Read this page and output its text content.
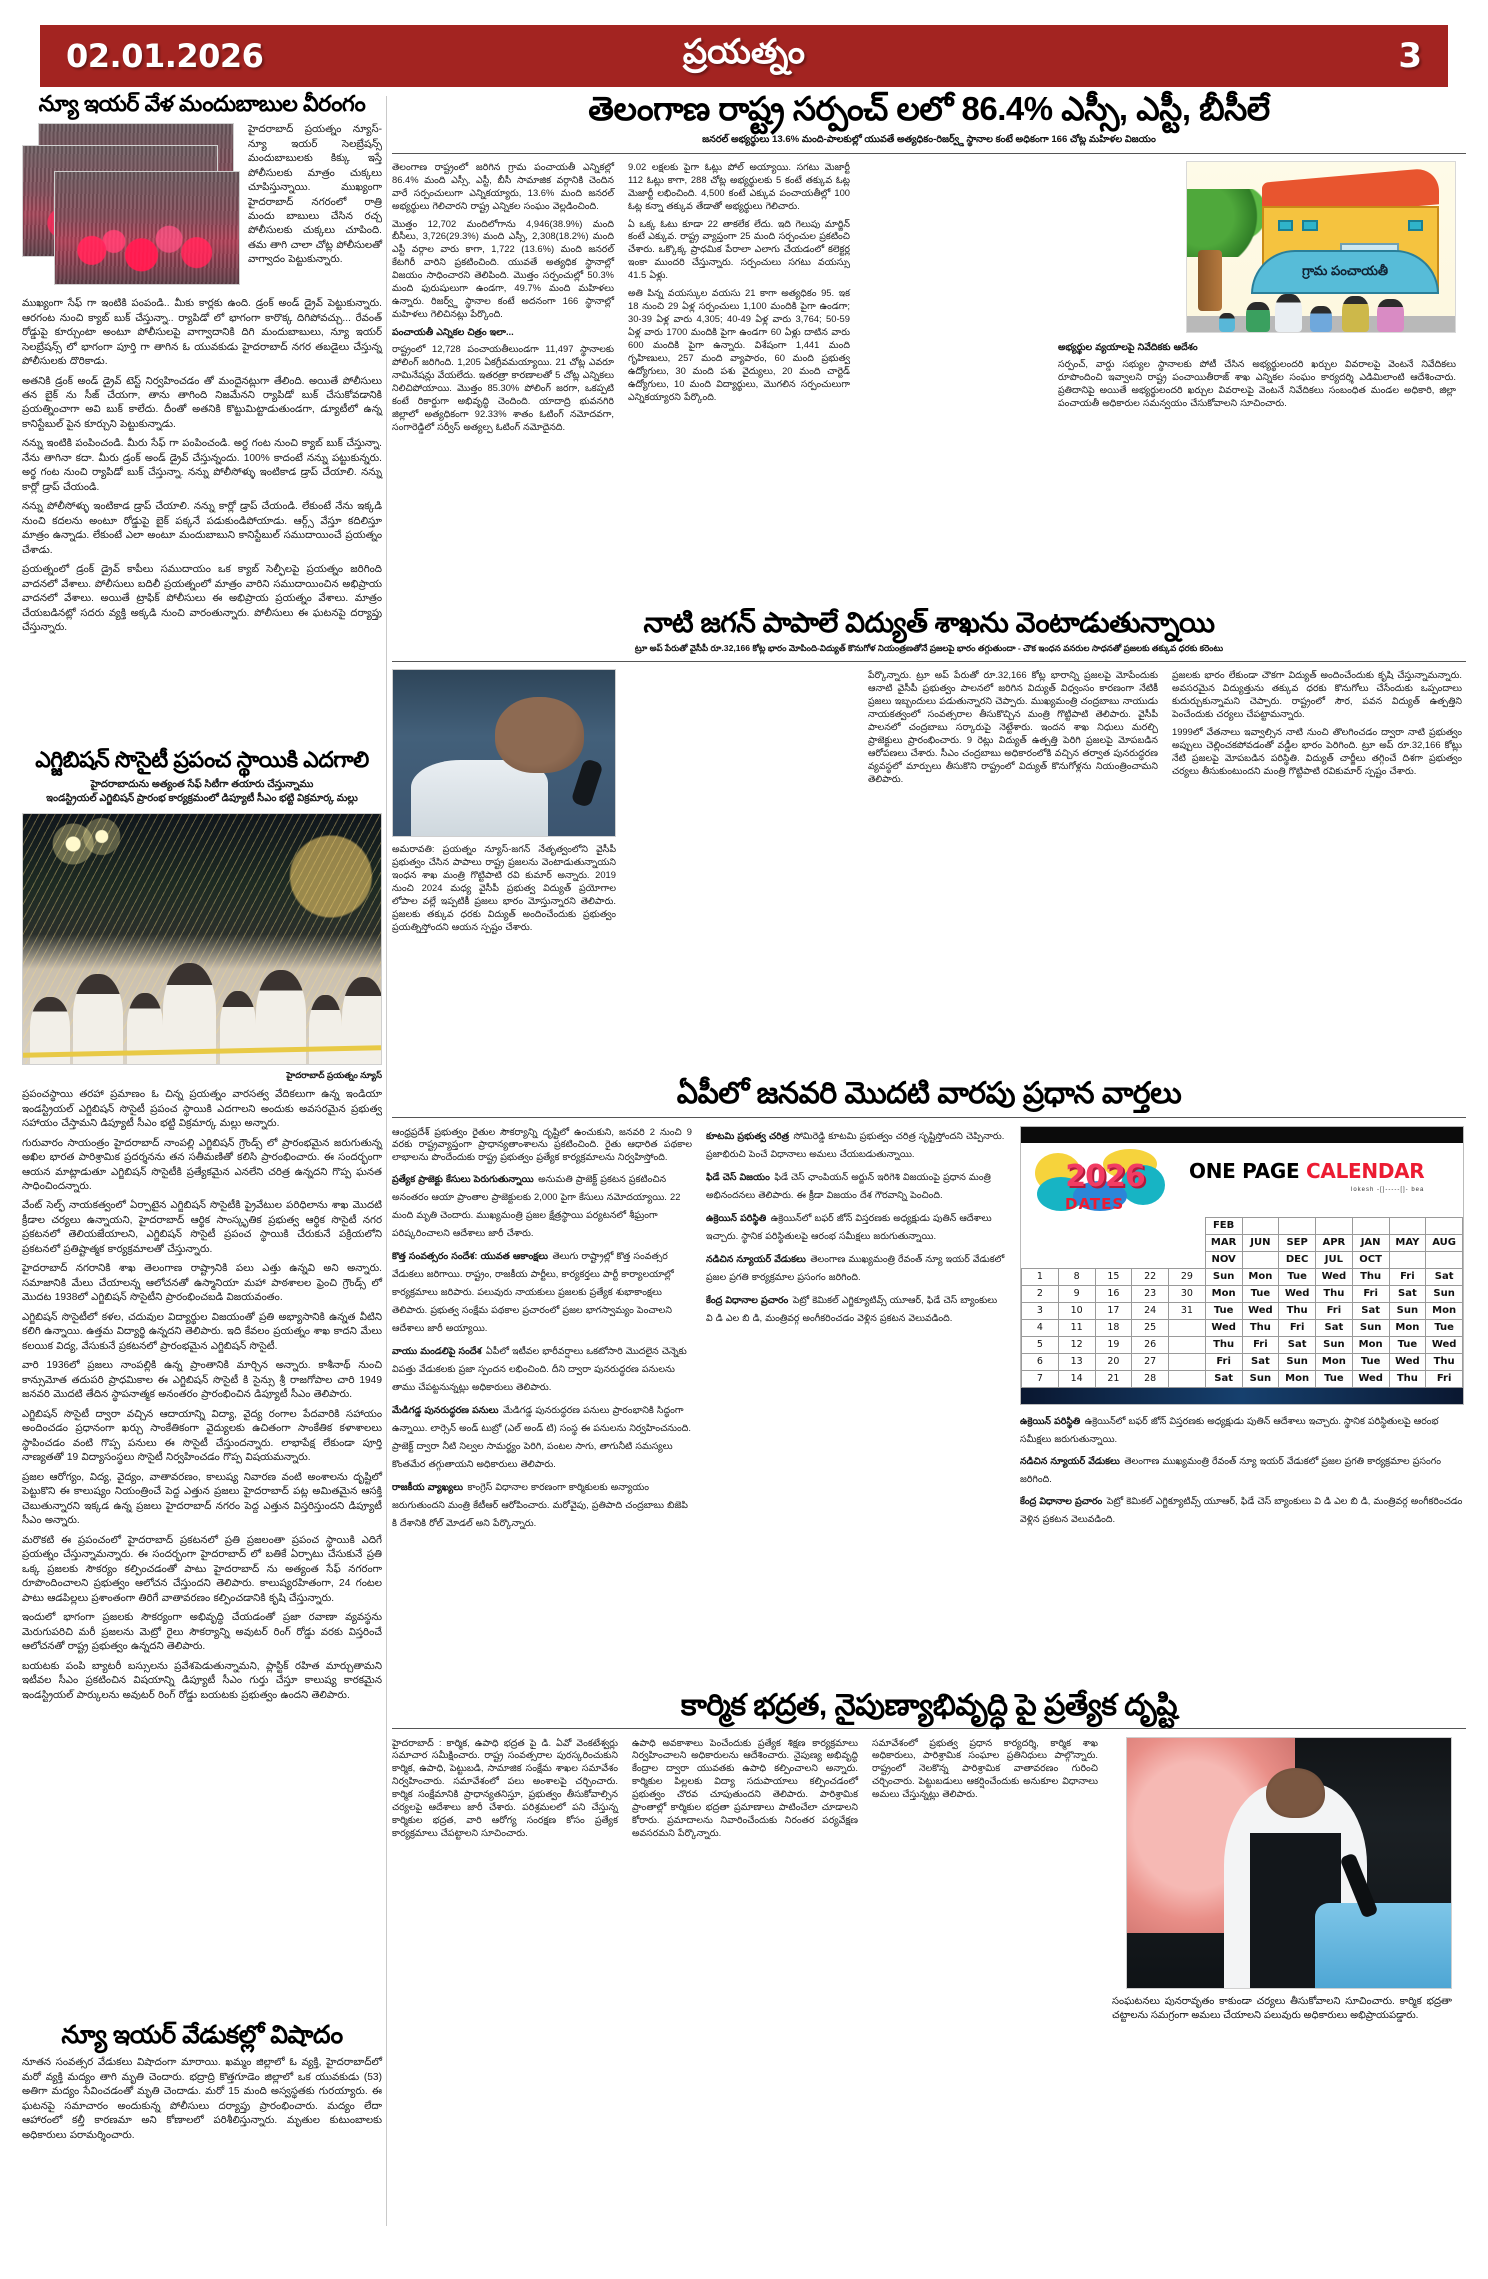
02.01.2026	ప్రయత్నం	3
న్యూ ఇయర్ వేళ మందుబాబుల వీరంగం
హైదరాబాద్ ప్రయత్నం న్యూస్-న్యూ ఇయర్ సెలబ్రేషన్స్ మందుబాబులకు కిక్కు ఇస్తే పోలీసులకు మాత్రం చుక్కలు చూపిస్తున్నాయి. ముఖ్యంగా హైదరాబాద్ నగరంలో రాత్రి మందు బాబులు చేసిన రచ్చ పోలీసులకు చుక్కలు చూపింది. తమ తాగి చాలా చోట్ల పోలీసులతో వాగ్వాదం పెట్టుకున్నారు.
ముఖ్యంగా సేఫ్ గా ఇంటికి పంపండి.. మీకు కార్లకు ఉంది. డ్రంక్ అండ్ డ్రైవ్ పెట్టుకున్నారు. ఆరగంట నుంచి క్యాబ్ బుక్ చేస్తున్నా.. ర్యాపిడో లో భాగంగా కారొక్క దిగిపోవచ్చు... రేవంత్ రోడ్డుపై కూర్చుంటా అంటూ పోలీసులపై వాగ్వాదానికి దిగి మందుబాబులు, న్యూ ఇయర్ సెలబ్రేషన్స్ లో భాగంగా పూర్తి గా తాగిన ఓ యువకుడు హైదరాబాద్ నగర తబడైలు చేస్తున్న పోలీసులకు దొరికాడు.
అతనికి డ్రంక్ అండ్ డ్రైవ్ టెస్ట్ నిర్వహించడం తో మందైనట్లుగా తేలింది. అయితే పోలీసులు తన బైక్ ను సీజ్ చేయగా, తాను తాగింది నిజమేనని ర్యాపిడో బుక్ చేసుకోవడానికి ప్రయత్నించాగా అవి బుక్ కాలేదు. దీంతో అతనికి కొట్టుమిట్టాడుతుండగా, డ్యూటీలో ఉన్న కానిస్టేబుల్ పైన కూర్చుని పెట్టుకున్నాడు.
నన్ను ఇంటికి పంపించండి. మీరు సేఫ్ గా పంపించండి. అర్ధ గంట నుంచి క్యాబ్ బుక్ చేస్తున్నా. నేను తాగినా కదా. మీరు డ్రంక్ అండ్ డ్రైవ్ చేస్తున్నందు. 100% కాదంటే నన్ను పట్టుకున్నరు. అర్థ గంట నుంచి ర్యాపిడో బుక్ చేస్తున్నా. నన్ను పోలీసోళ్ళు ఇంటికాడ డ్రాప్ చేయాలి. నన్ను కార్లో డ్రాప్ చేయండి.
నన్ను పోలీసోళ్ళు ఇంటికాడ డ్రాప్ చేయాలి. నన్ను కార్లో డ్రాప్ చేయండి. లేకుంటే నేను ఇక్కడి నుంచి కదలను అంటూ రోడ్డుపై బైక్ పక్కనే పడుకుండిపోయాడు. ఆర్గ్స్ వేస్తూ కదిలిస్తూ మాత్రం ఉన్నాడు. లేకుంటే ఎలా అంటూ మందుబాబుని కానిస్టేబుల్ సముదాయించే ప్రయత్నం చేశాడు.
ప్రయత్నంలో డ్రంక్ డ్రైవ్ కాపీలు సముదాయం ఒక క్యాబ్ సెల్ఫీలపై ప్రయత్నం జరిగింది వాదనలో వేశాలు. పోలీసులు బదిలీ ప్రయత్నంలో మాత్రం వారిని సముదాయించిన అభిప్రాయ వాదనలో వేశాలు. అయితే ట్రాఫిక్ పోలీసులు ఈ అభిప్రాయ ప్రయత్నం వేశాలు. మాత్రం చేయబడినట్లో సదరు వ్యక్తి అక్కడి నుంచి వారంతున్నారు. పోలీసులు ఈ ఘటనపై దర్యాప్తు చేస్తున్నారు.
తెలంగాణ రాష్ట్ర సర్పంచ్ లలో 86.4% ఎస్సీ, ఎస్టీ, బీసీలే
జనరల్ అభ్యర్థులు 13.6% మంది-పాలకుల్లో యువతే అత్యధికం-రిజర్వ్డ్ స్థానాల కంటే అధికంగా 166 చోట్ల మహిళల విజయం
తెలంగాణ రాష్ట్రంలో జరిగిన గ్రామ పంచాయతీ ఎన్నికల్లో 86.4% మంది ఎస్సీ, ఎస్టీ, బీసీ సామాజిక వర్గానికి చెందిన వారే సర్పంచులుగా ఎన్నికయ్యారు, 13.6% మంది జనరల్ అభ్యర్థులు గెలిచారని రాష్ట్ర ఎన్నికల సంఘం వెల్లడించింది.
మొత్తం 12,702 మందిలోగాను 4,946(38.9%) మంది బీసీలు, 3,726(29.3%) మంది ఎస్సీ, 2,308(18.2%) మంది ఎస్టీ వర్గాల వారు కాగా, 1,722 (13.6%) మంది జనరల్ కేటగిరీ వారిని ప్రకటించింది. యువతే అత్యధిక స్థానాల్లో విజయం సాధించారని తెలిపింది. మొత్తం సర్పంచుల్లో 50.3% మంది ఫురుషులుగా ఉండగా, 49.7% మంది మహిళలు ఉన్నారు. రిజర్వ్డ్ స్థానాల కంటే అదనంగా 166 స్థానాల్లో మహిళలు గెలిచినట్లు పేర్కొంది.
పంచాయతీ ఎన్నికల చిత్రం ఇలా...
రాష్ట్రంలో 12,728 పంచాయతీలుండగా 11,497 స్థానాలకు పోలింగ్ జరిగింది. 1,205 ఏకగ్రీవమయ్యాయి. 21 చోట్ల ఎవరూ నామినేషన్లు వేయలేదు. ఇతరత్రా కారణాలతో 5 చోట్ల ఎన్నికలు నిలిచిపోయాయి. మొత్తం 85.30% పోలింగ్ జరగా, ఒకప్పటి కంటే రికార్డుగా అభివృద్ధి చెందింది. యాదాద్రి భువనగిరి జిల్లాలో అత్యధికంగా 92.33% శాతం ఓటింగ్ నమోదవగా, సంగారెడ్డిలో సర్వీస్ అత్యల్ప ఓటింగ్ నమోదైనది.
9.02 లక్షలకు పైగా ఓట్లు పోల్ అయ్యాయి. సగటు మెజార్టీ 112 ఓట్లు కాగా, 288 చోట్ల అభ్యర్థులకు 5 కంటే తక్కువ ఓట్ల మెజార్టీ లభించింది. 4,500 కంటే ఎక్కువ పంచాయతీల్లో 100 ఓట్ల కన్నా తక్కువ తేడాతో అభ్యర్థులు గెలిచారు.
ఏ ఒక్క ఓటు కూడా 22 తాకలేక లేదు. ఇది గెలుపు మార్జిన్ కంటే ఎక్కువ. రాష్ట్ర వ్యాప్తంగా 25 మంది సర్పంచుల ప్రకటించి చేశారు. ఒక్కొక్క ప్రాధమిక పేరాలా ఎలాగు చేయడంలో కలెక్టర్ల ఇంకా ముందరి చేస్తున్నారు. సర్పంచులు సగటు వయస్సు 41.5 ఏళ్లు.
అతి పిన్న వయస్కుల వయసు 21 కాగా అత్యధికం 95. ఇక 18 నుంచి 29 ఏళ్ల సర్పంచులు 1,100 మందికి పైగా ఉండగా; 30-39 ఏళ్ల వారు 4,305; 40-49 ఏళ్ల వారు 3,764; 50-59 ఏళ్ల వారు 1700 మందికి పైగా ఉండగా 60 ఏళ్లు దాటిన వారు 600 మందికి పైగా ఉన్నారు. విశేషంగా 1,441 మంది గృహిణులు, 257 మంది వ్యాపారం, 60 మంది ప్రభుత్వ ఉద్యోగులు, 30 మంది పశు వైద్యులు, 20 మంది చార్టెడ్ ఉద్యోగులు, 10 మంది విద్యార్థులు, మొగలిన సర్పంచులుగా ఎన్నికయ్యారని పేర్కొంది.
గ్రామ పంచాయతీ
అభ్యర్థుల వ్యయాలపై నివేదికకు ఆదేశం
సర్పంచ్, వార్డు సభ్యుల స్థానాలకు పోటీ చేసిన అభ్యర్థులందరి ఖర్చుల వివరాలపై వెంటనే నివేదికలు రూపొందించి ఇవ్వాలని రాష్ట్ర పంచాయితీరాజ్ శాఖ ఎన్నికల సంఘం కార్యదర్శి ఎడిమిలాంటి ఆదేశించారు. ప్రతిదానిపై అయితే అభ్యర్థులందరి ఖర్చుల వివరాలపై వెంటనే నివేదికలు సంబంధిత మండల అధికారి, జిల్లా పంచాయతీ అధికారుల సమన్వయం చేసుకోవాలని సూచించారు.
నాటి జగన్ పాపాలే విద్యుత్ శాఖను వెంటాడుతున్నాయి
ట్రూ అప్ పేరుతో వైసీపీ రూ.32,166 కోట్ల భారం మోపింది-విద్యుత్ కొనుగోళ నియంత్రణతోనే ప్రజలపై భారం తగ్గుతుందా - చౌక ఇంధన వనరుల సాధనతో ప్రజలకు తక్కువ ధరకు కరెంటు
అమరావతి: ప్రయత్నం న్యూస్-జగన్ నేతృత్వంలోని వైసీపీ ప్రభుత్వం చేసిన పాపాలు రాష్ట్ర ప్రజలను వెంటాడుతున్నాయని ఇంధన శాఖ మంత్రి గొట్టిపాటి రవి కుమార్ అన్నారు. 2019 నుంచి 2024 మధ్య వైసీపీ ప్రభుత్వ విద్యుత్ ప్రయోగాల లోపాల వల్లే ఇప్పటికీ ప్రజలు భారం మోస్తున్నారని తెలిపారు. ప్రజలకు తక్కువ ధరకు విద్యుత్ అందించేందుకు ప్రభుత్వం ప్రయత్నిస్తోందని ఆయన స్పష్టం చేశారు.
పేర్కొన్నారు. ట్రూ అప్ పేరుతో రూ.32,166 కోట్ల భారాన్ని ప్రజలపై మోపేందుకు ఆనాటి వైసీపీ ప్రభుత్వం పాలనలో జరిగిన విద్యుత్ విధ్వంసం కారణంగా నేటికీ ప్రజలు ఇబ్బందులు పడుతున్నారని చెప్పారు. ముఖ్యమంత్రి చంద్రబాబు నాయుడు నాయకత్వంలో సంవత్సరాల తీసుకొచ్చిన మంత్రి గొట్టిపాటి తెలిపారు. వైసీపీ పాలనలో చంద్రబాబు సర్కారుపై నెట్టేశారు. ఇందన శాఖ నిధులు మరల్చి ప్రాజెక్టులు ప్రారంభించారు. 9 రెట్లు విద్యుత్ ఉత్పత్తి పెరిగి ప్రజలపై మోపబడిన ఆరోపణలు చేశారు. సీఎం చంద్రబాబు అధికారంలోకి వచ్చిన తర్వాత పునరుద్ధరణ వ్యవస్థలో మార్పులు తీసుకొని రాష్ట్రంలో విద్యుత్ కొనుగోళ్లను నియంత్రించామని తెలిపారు.
ప్రజలకు భారం లేకుండా చౌకగా విద్యుత్ అందించేందుకు కృషి చేస్తున్నామన్నారు. అవసరమైన విద్యుత్తును తక్కువ ధరకు కొనుగోలు చేసేందుకు ఒప్పందాలు కుదుర్చుకున్నామని చెప్పారు. రాష్ట్రంలో సౌర, పవన విద్యుత్ ఉత్పత్తిని పెంచేందుకు చర్యలు చేపట్టామన్నారు.
1999లో వేతనాలు ఇవ్వాల్సిన నాటి నుంచి తొలగించడం ద్వారా నాటి ప్రభుత్వం అప్పులు చెల్లించకపోవడంతో వడ్డీల భారం పెరిగింది. ట్రూ అప్ రూ.32,166 కోట్లు నేటి ప్రజలపై మోపబడిన పరిస్థితి. విద్యుత్ చార్జీలు తగ్గించే దిశగా ప్రభుత్వం చర్యలు తీసుకుంటుందని మంత్రి గొట్టిపాటి రవికుమార్ స్పష్టం చేశారు.
ఎగ్జిబిషన్ సొసైటీ ప్రపంచ స్థాయికి ఎదగాలి
హైదరాబాదును అత్యంత సేఫ్ సిటీగా తయారు చేస్తున్నాము
ఇండస్ట్రియల్ ఎగ్జిబిషన్ ప్రారంభ కార్యక్రమంలో డిప్యూటీ సీఎం భట్టి విక్రమార్క మల్లు
హైదరాబాద్ ప్రయత్నం న్యూస్
ప్రపంచస్థాయి తరహా ప్రమాణం ఓ చిన్న ప్రయత్నం వారసత్వ వేదికలుగా ఉన్న ఇండియా ఇండస్ట్రియల్ ఎగ్జిబిషన్ సొసైటీ ప్రపంచ స్థాయికి ఎదగాలని అందుకు అవసరమైన ప్రభుత్వ సహాయం చేస్తామని డిప్యూటీ సీఎం భట్టి విక్రమార్క మల్లు అన్నారు.
గురువారం సాయంత్రం హైదరాబాద్ నాంపల్లి ఎగ్జిబిషన్ గ్రౌండ్స్ లో ప్రారంభమైన జరుగుతున్న అఖిల భారత పారిశ్రామిక ప్రదర్శనను తన సతీమణితో కలిసి ప్రారంభించారు. ఈ సందర్భంగా ఆయన మాట్లాడుతూ ఎగ్జిబిషన్ సొసైటీకి ప్రత్యేకమైన ఎనలేని చరిత్ర ఉన్నదని గొప్ప ఘనత సాధించిందన్నారు.
వేంట్ సెల్ఫ్ నాయకత్వంలో ఏర్పాటైన ఎగ్జిబిషన్ సొసైటీకి ప్రైవేటుల పరిధిలాను శాఖ మొదటి క్రీడాల చర్యలు ఉన్నాయని, హైదరాబాద్ ఆర్థిక సాంస్కృతిక ప్రభుత్వ ఆర్థిక సొసైటీ నగర ప్రకటనలో తెలియజేయాలని, ఎగ్జిబిషన్ సొసైటీ ప్రపంచ స్థాయికి చేరుకునే పక్రియలోని ప్రకటనలో ప్రతిష్టాత్మక కార్యక్రమాలతో చేస్తున్నారు.
హైదరాబాద్ నగరానికి శాఖ తెలంగాణ రాష్ట్రానికి పలు ఎత్తు ఉన్నవి అని అన్నారు. సమాజానికి మేలు చేయాలన్న ఆలోచనతో ఉస్మానియా మహా పాఠశాలల ఫ్రెంచి గ్రౌండ్స్ లో మొదట 1938లో ఎగ్జిబిషన్ సొసైటీని ప్రారంభించబడి విజయవంతం.
ఎగ్జిబిషన్ సొసైటీలో కళల, చదువుల విద్యార్థుల విజయంతో ప్రతి అభ్యాసానికి ఉన్నత వీటిని కలిగి ఉన్నాయి. ఉత్తమ విద్యార్థి ఉన్నదని తెలిపారు. ఇది కేవలం ప్రయత్నం శాఖ కాదని మేలు కలయిక విద్య, వేసుకునే ప్రకటనలో ప్రారంభమైన ఎగ్జిబిషన్ సొసైటీ.
వారి 1936లో ప్రజలు నాంపల్లికి ఉన్న ప్రాంతానికి మార్చిన అన్నారు. కాశీనాథ్ నుంచి కాన్సుమోత తదుపరి ప్రాధమికాల ఈ ఎగ్జిబిషన్ సొసైటీ కి సైన్సు శ్రీ రాజగోపాల చారి 1949 జనవరి మొదటి తేదిన స్థాపనాత్మక అనంతరం ప్రారంభించిన డిప్యూటీ సీఎం తెలిపారు.
ఎగ్జిబిషన్ సొసైటీ ద్వారా వచ్చిన ఆదాయాన్ని విద్యా, వైద్య రంగాల పేదవారికి సహాయం అందించడం ప్రధానంగా ఖర్చు సాంకేతికంగా వైద్యులకు ఉచితంగా సాంకేతిక కళాశాలలు స్థాపించడం వంటి గొప్ప పనులు ఈ సొసైటీ చేస్తుందన్నారు. లాభాపేక్ష లేకుండా పూర్తి నాణ్యతతో 19 విద్యాసంస్థలు సొసైటీ నిర్వహించడం గొప్ప విషయమన్నారు.
ప్రజల ఆరోగ్యం, విద్య, వైద్యం, వాతావరణం, కాలుష్య నివారణ వంటి అంశాలను దృష్టిలో పెట్టుకొని ఈ కాలుష్యం నియంత్రించే పెద్ద ఎత్తున ప్రజలు హైదరాబాద్ పట్ల అమితమైన ఆసక్తి చెబుతున్నారని ఇక్కడ ఉన్న ప్రజలు హైదరాబాద్ నగరం పెద్ద ఎత్తున విస్తరిస్తుందని డిప్యూటీ సీఎం అన్నారు.
మరొకటి ఈ ప్రపంచంలో హైదరాబాద్ ప్రకటనలో ప్రతి ప్రజలంతా ప్రపంచ స్థాయికి ఎదిగే ప్రయత్నం చేస్తున్నామన్నారు. ఈ సందర్భంగా హైదరాబాద్ లో బతికే ఏర్పాటు చేసుకునే ప్రతి ఒక్క ప్రజలకు సౌకర్యం కల్పించడంతో పాటు హైదరాబాద్ ను అత్యంత సేఫ్ నగరంగా రూపొందించాలని ప్రభుత్వం ఆలోచన చేస్తుందని తెలిపారు. కాలుష్యరహితంగా, 24 గంటల పాటు ఆడపిల్లలు ప్రశాంతంగా తిరిగే వాతావరణం కల్పించడానికి కృషి చేస్తున్నారు.
ఇందులో భాగంగా ప్రజలకు సౌకర్యంగా అభివృద్ధి చేయడంతో ప్రజా రవాణా వ్యవస్థను మెరుగుపరిచి మరీ ప్రజలను మెట్రో రైలు సౌకర్యాన్ని అవుటర్ రింగ్ రోడ్డు వరకు విస్తరించే ఆలోచనతో రాష్ట్ర ప్రభుత్వం ఉన్నదని తెలిపారు.
బయటకు పంపి బ్యాటరీ బస్సులను ప్రవేశపెడుతున్నామని, ప్లాస్టిక్ రహిత మార్చుతామని ఇటీవల సీఎం ప్రకటించిన విషయాన్ని డిప్యూటీ సీఎం గుర్తు చేస్తూ కాలుష్య కారకమైన ఇండస్ట్రియల్ పార్కులను అవుటర్ రింగ్ రోడ్డు బయటకు ప్రభుత్వం ఉందని తెలిపారు.
ఏపీలో జనవరి మొదటి వారపు ప్రధాన వార్తలు
ఆంధ్రప్రదేశ్ ప్రభుత్వం రైతుల సౌకర్యాన్ని దృష్టిలో ఉంచుకుని, జనవరి 2 నుంచి 9 వరకు రాష్ట్రవ్యాప్తంగా ప్రాధాన్యతాంశాలను ప్రకటించింది. రైతు ఆధారిత పథకాల లాభాలను పొందేందుకు రాష్ట్ర ప్రభుత్వం ప్రత్యేక కార్యక్రమాలను నిర్వహిస్తోంది.
ప్రత్యేక ప్రాజెక్టు కేసులు పెరుగుతున్నాయి అనుమతి ప్రాజెక్ట్ ప్రకటన ప్రకటించిన అనంతరం ఆయా ప్రాంతాల ప్రాజెక్టులకు 2,000 పైగా కేసులు నమోదయ్యాయి. 22 మంది మృతి చెందారు. ముఖ్యమంత్రి ప్రజల క్షేత్రస్థాయి పర్యటనలో శీఘ్రంగా పరిష్కరించాలని ఆదేశాలు జారీ చేశారు.
కొత్త సంవత్సరం సందేశ: యువత ఆకాంక్షలు తెలుగు రాష్ట్రాల్లో కొత్త సంవత్సర వేడుకలు జరిగాయి. రాష్ట్రం, రాజకీయ పార్టీలు, కార్యకర్తలు పార్టీ కార్యాలయాల్లో కార్యక్రమాలు జరిపారు. పలువురు నాయకులు ప్రజలకు ప్రత్యేక శుభాకాంక్షలు తెలిపారు. ప్రభుత్వ సంక్షేమ పథకాల ప్రచారంలో ప్రజల భాగస్వామ్యం పెంచాలని ఆదేశాలు జారీ అయ్యాయి.
వాయు మండలిపై సందేశ ఏపీలో ఇటీవల భారీవర్షాలు ఒకటోసారి మొదలైన చెన్నెకు విపత్తు వేడుకలకు ప్రజా స్పందన లభించింది. దీని ద్వారా పునరుద్ధరణ పనులను తాము చేపట్టనున్నట్లు అధికారులు తెలిపారు.
మేడిగడ్డ పునరుద్ధరణ పనులు మేడిగడ్డ పునరుద్ధరణ పనులు ప్రారంభానికి సిద్ధంగా ఉన్నాయి. లార్సెన్ అండ్ టుబ్రో (ఎల్ అండ్ టి) సంస్థ ఈ పనులను నిర్వహించనుంది. ప్రాజెక్ట్ ద్వారా నీటి నిల్వల సామర్థ్యం పెరిగి, పంటల సాగు, తాగునీటి సమస్యలు కొంతమేర తగ్గుతాయని అధికారులు తెలిపారు.
రాజకీయ వ్యాఖ్యలు కాంగ్రెస్ విధానాల కారణంగా కార్మికులకు అన్యాయం జరుగుతుందని మంత్రి కేటీఆర్ ఆరోపించారు. మరోవైపు, ప్రతిపాది చంద్రబాబు బిజెపి కి దేశానికి రోల్ మోడల్ అని పేర్కొన్నారు.
కూటమి ప్రభుత్వ చరిత్ర సోమిరెడ్డి కూటమి ప్రభుత్వం చరిత్ర సృష్టిస్తోందని చెప్పినారు. ప్రజాభిరుచి పెంచే విధానాలు అమలు చేయబడుతున్నాయి.
ఫిడే చెస్ విజయం ఫిడే చెస్ ఛాంపియన్ అర్జున్ ఇరిగెశి విజయంపై ప్రధాన మంత్రి అభినందనలు తెలిపారు. ఈ క్రీడా విజయం దేశ గౌరవాన్ని పెంచింది.
ఉక్రెయిన్ పరిస్థితి ఉక్రెయిన్‌లో బఫర్ జోన్ విస్తరణకు అధ్యక్షుడు పుతిన్ ఆదేశాలు ఇచ్చారు. స్థానిక పరిస్థితులపై ఆరంభ సమీక్షలు జరుగుతున్నాయి.
నడిచిన న్యూయర్ వేడుకలు తెలంగాణ ముఖ్యమంత్రి రేవంత్ న్యూ ఇయర్ వేడుకలో ప్రజల ప్రగతి కార్యక్రమాల ప్రసంగం జరిగింది.
కేంద్ర విధానాల ప్రచారం పెట్రో కెమికల్ ఎగ్జిక్యూటివ్స్ యూఆర్, ఫిడే చెస్ బ్యాంకులు వి డి ఎల బి డి, మంత్రివర్గ అంగీకరించడం వెళ్లిన ప్రకటన వెలువడింది.
2026	ONE PAGE CALENDAR
lokesh -[]-----[]- bea
DATES
					FEB						
					MAR	JUN	SEP	APR	JAN	MAY	AUG
					NOV		DEC	JUL	OCT		
1	8	15	22	29	Sun	Mon	Tue	Wed	Thu	Fri	Sat
2	9	16	23	30	Mon	Tue	Wed	Thu	Fri	Sat	Sun
3	10	17	24	31	Tue	Wed	Thu	Fri	Sat	Sun	Mon
4	11	18	25		Wed	Thu	Fri	Sat	Sun	Mon	Tue
5	12	19	26		Thu	Fri	Sat	Sun	Mon	Tue	Wed
6	13	20	27		Fri	Sat	Sun	Mon	Tue	Wed	Thu
7	14	21	28		Sat	Sun	Mon	Tue	Wed	Thu	Fri
ఉక్రెయిన్ పరిస్థితి ఉక్రెయిన్‌లో బఫర్ జోన్ విస్తరణకు అధ్యక్షుడు పుతిన్ ఆదేశాలు ఇచ్చారు. స్థానిక పరిస్థితులపై ఆరంభ సమీక్షలు జరుగుతున్నాయి.
నడిచిన న్యూయర్ వేడుకలు తెలంగాణ ముఖ్యమంత్రి రేవంత్ న్యూ ఇయర్ వేడుకలో ప్రజల ప్రగతి కార్యక్రమాల ప్రసంగం జరిగింది.
కేంద్ర విధానాల ప్రచారం పెట్రో కెమికల్ ఎగ్జిక్యూటివ్స్ యూఆర్, ఫిడే చెస్ బ్యాంకులు వి డి ఎల బి డి, మంత్రివర్గ అంగీకరించడం వెళ్లిన ప్రకటన వెలువడింది.
కార్మిక భద్రత, నైపుణ్యాభివృద్ధి పై ప్రత్యేక దృష్టి
హైదరాబాద్ : కార్మిక, ఉపాధి భద్రత పై డి. ఏవో వెంకటేశ్వర్లు సమాచార సమీక్షించారు. రాష్ట్ర సంవత్సరాల పురస్కరించుకుని కార్మిక, ఉపాధి, పెట్టుబడి, సామాజిక సంక్షేమ శాఖల సమావేశం నిర్వహించారు. సమావేశంలో పలు అంశాలపై చర్చించారు. కార్మిక సంక్షేమానికి ప్రాధాన్యతనిస్తూ, ప్రభుత్వం తీసుకోవాల్సిన చర్యలపై ఆదేశాలు జారీ చేశారు. పరిశ్రమలలో పని చేస్తున్న కార్మికుల భద్రత, వారి ఆరోగ్య సంరక్షణ కోసం ప్రత్యేక కార్యక్రమాలు చేపట్టాలని సూచించారు.
ఉపాధి అవకాశాలు పెంచేందుకు ప్రత్యేక శిక్షణ కార్యక్రమాలు నిర్వహించాలని అధికారులను ఆదేశించారు. నైపుణ్య అభివృద్ధి కేంద్రాల ద్వారా యువతకు ఉపాధి కల్పించాలని అన్నారు. కార్మికుల పిల్లలకు విద్యా సదుపాయాలు కల్పించడంలో ప్రభుత్వం చొరవ చూపుతుందని తెలిపారు. పారిశ్రామిక ప్రాంతాల్లో కార్మికుల భద్రతా ప్రమాణాలు పాటించేలా చూడాలని కోరారు. ప్రమాదాలను నివారించేందుకు నిరంతర పర్యవేక్షణ అవసరమని పేర్కొన్నారు.
సమావేశంలో ప్రభుత్వ ప్రధాన కార్యదర్శి, కార్మిక శాఖ అధికారులు, పారిశ్రామిక సంఘాల ప్రతినిధులు పాల్గొన్నారు. రాష్ట్రంలో నెలకొన్న పారిశ్రామిక వాతావరణం గురించి చర్చించారు. పెట్టుబడులు ఆకర్షించేందుకు అనుకూల విధానాలు అమలు చేస్తున్నట్లు తెలిపారు.
సంఘటనలు పునరావృతం కాకుండా చర్యలు తీసుకోవాలని సూచించారు. కార్మిక భద్రతా చట్టాలను సమగ్రంగా అమలు చేయాలని పలువురు అధికారులు అభిప్రాయపడ్డారు.
న్యూ ఇయర్ వేడుకల్లో విషాదం
నూతన సంవత్సర వేడుకలు విషాదంగా మారాయి. ఖమ్మం జిల్లాలో ఓ వ్యక్తి, హైదరాబాద్‌లో మరో వ్యక్తి మద్యం తాగి మృతి చెందారు. భద్రాద్రి కొత్తగూడెం జిల్లాలో ఒక యువకుడు (53) అతిగా మద్యం సేవించడంతో మృతి చెందాడు. మరో 15 మంది అస్వస్థతకు గురయ్యారు. ఈ ఘటనపై సమాచారం అందుకున్న పోలీసులు దర్యాప్తు ప్రారంభించారు. మద్యం లేదా ఆహారంలో కల్తీ కారణమా అని కోణాలలో పరిశీలిస్తున్నారు. మృతుల కుటుంబాలకు అధికారులు పరామర్శించారు.
